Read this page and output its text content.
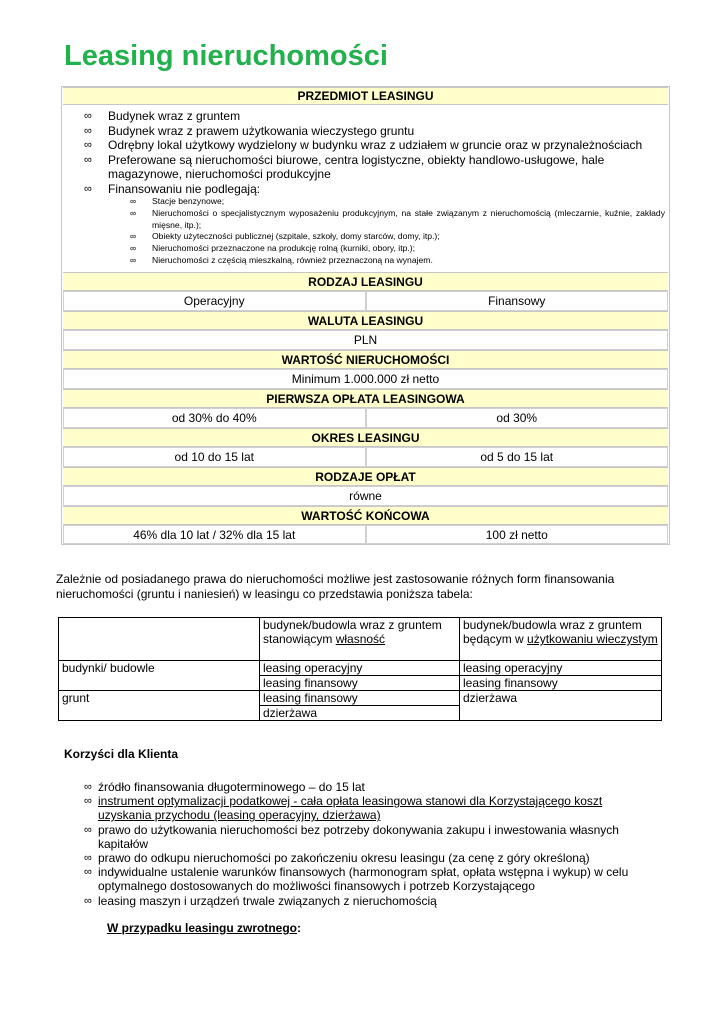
Leasing nieruchomości
PRZEDMIOT LEASINGU
∞ Budynek wraz z gruntem
∞ Budynek wraz z prawem użytkowania wieczystego gruntu
∞ Odrębny lokal użytkowy wydzielony w budynku wraz z udziałem w gruncie oraz w przynależnościach
∞ Preferowane są nieruchomości biurowe, centra logistyczne, obiekty handlowo-usługowe, hale magazynowe, nieruchomości produkcyjne
∞ Finansowaniu nie podlegają:
∞ Stacje benzynowe;
∞ Nieruchomości o specjalistycznym wyposażeniu produkcyjnym, na stałe związanym z nieruchomością (mleczarnie, kuźnie, zakłady mięsne, itp.);
∞ Obiekty użyteczności publicznej (szpitale, szkoły, domy starców, domy, itp.);
∞ Nieruchomości przeznaczone na produkcję rolną (kurniki, obory, itp.);
∞ Nieruchomości z częścią mieszkalną, również przeznaczoną na wynajem.
RODZAJ LEASINGU
Operacyjny	Finansowy
WALUTA LEASINGU
PLN
WARTOŚĆ NIERUCHOMOŚCI
Minimum 1.000.000 zł netto
PIERWSZA OPŁATA LEASINGOWA
od 30% do 40%	od 30%
OKRES LEASINGU
od 10 do 15 lat	od 5 do 15 lat
RODZAJE OPŁAT
równe
WARTOŚĆ KOŃCOWA
46% dla 10 lat / 32% dla 15 lat	100 zł netto
Zależnie od posiadanego prawa do nieruchomości możliwe jest zastosowanie różnych form finansowania nieruchomości (gruntu i naniesień) w leasingu co przedstawia poniższa tabela:
	budynek/budowla wraz z gruntem stanowiącym własność	budynek/budowla wraz z gruntem będącym w użytkowaniu wieczystym
budynki/ budowle	leasing operacyjny	leasing operacyjny
	leasing finansowy	leasing finansowy
grunt	leasing finansowy	dzierżawa
	dzierżawa	
Korzyści dla Klienta
∞ źródło finansowania długoterminowego – do 15 lat
∞ instrument optymalizacji podatkowej - cała opłata leasingowa stanowi dla Korzystającego koszt uzyskania przychodu (leasing operacyjny, dzierżawa)
∞ prawo do użytkowania nieruchomości bez potrzeby dokonywania zakupu i inwestowania własnych kapitałów
∞ prawo do odkupu nieruchomości po zakończeniu okresu leasingu (za cenę z góry określoną)
∞ indywidualne ustalenie warunków finansowych (harmonogram spłat, opłata wstępna i wykup) w celu optymalnego dostosowanych do możliwości finansowych i potrzeb Korzystającego
∞ leasing maszyn i urządzeń trwale związanych z nieruchomością
W przypadku leasingu zwrotnego:
